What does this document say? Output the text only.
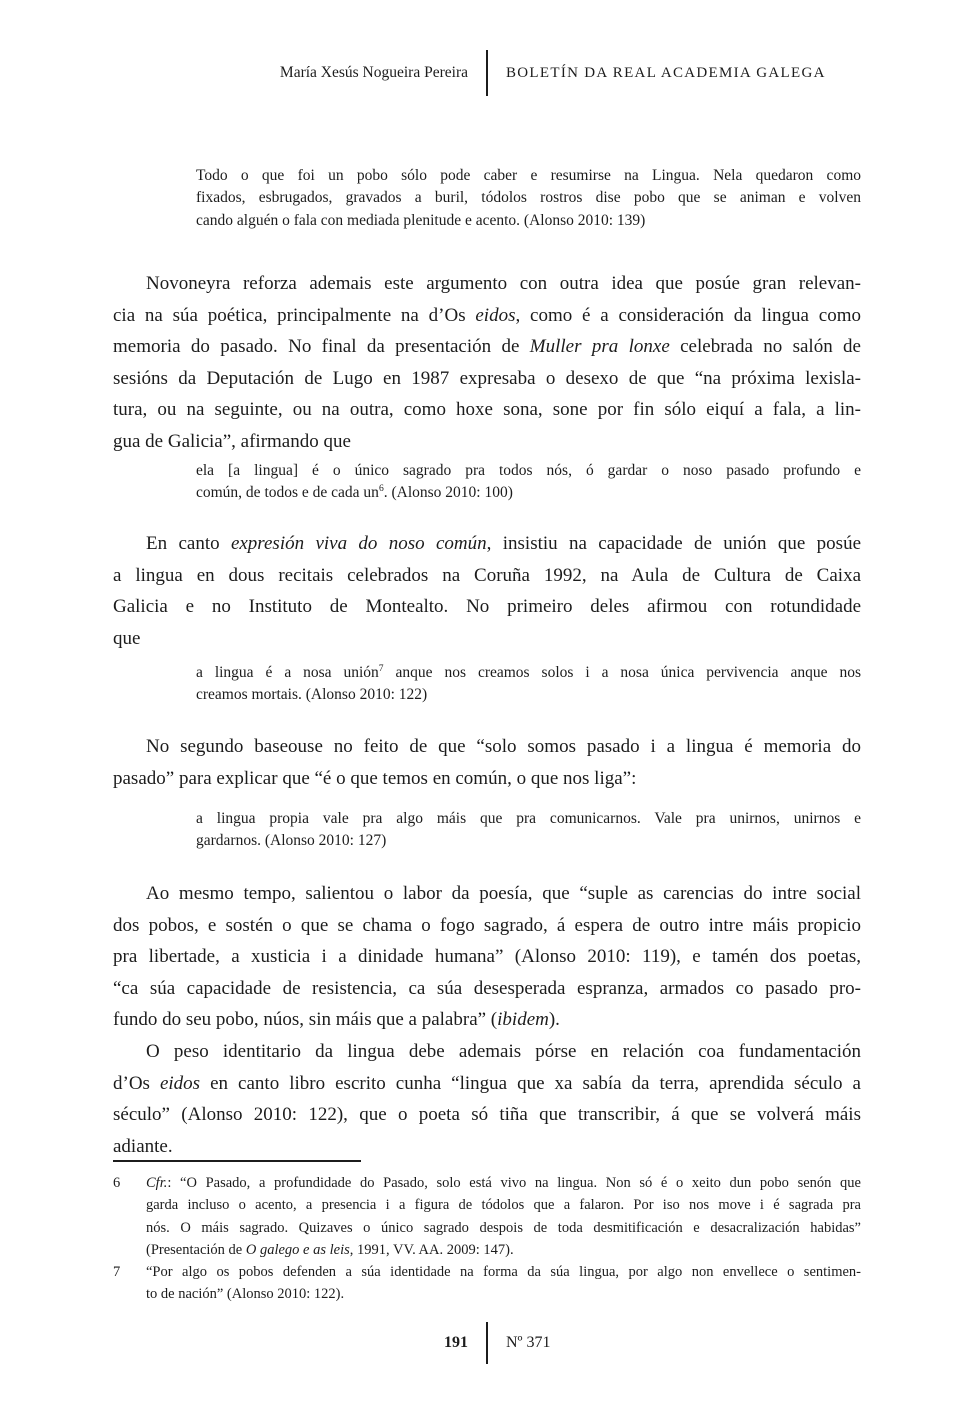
María Xesús Nogueira Pereira	BOLETÍN DA REAL ACADEMIA GALEGA
Todo o que foi un pobo sólo pode caber e resumirse na Lingua. Nela quedaron como
fixados, esbrugados, gravados a buril, tódolos rostros dise pobo que se animan e volven
cando alguén o fala con mediada plenitude e acento. (Alonso 2010: 139)
Novoneyra reforza ademais este argumento con outra idea que posúe gran relevan-
cia na súa poética, principalmente na d’Os eidos, como é a consideración da lingua como
memoria do pasado. No final da presentación de Muller pra lonxe celebrada no salón de
sesións da Deputación de Lugo en 1987 expresaba o desexo de que “na próxima lexisla-
tura, ou na seguinte, ou na outra, como hoxe sona, sone por fin sólo eiquí a fala, a lin-
gua de Galicia”, afirmando que
ela [a lingua] é o único sagrado pra todos nós, ó gardar o noso pasado profundo e
común, de todos e de cada $un^6$. (Alonso 2010: 100)
En canto expresión viva do noso común, insistiu na capacidade de unión que posúe
a lingua en dous recitais celebrados na Coruña 1992, na Aula de Cultura de Caixa
Galicia e no Instituto de Montealto. No primeiro deles afirmou con rotundidade
que
a lingua é a nosa unión$^7$ anque nos creamos solos i a nosa única pervivencia anque nos
creamos mortais. (Alonso 2010: 122)
No segundo baseouse no feito de que “solo somos pasado i a lingua é memoria do
pasado” para explicar que “é o que temos en común, o que nos liga”:
a lingua propia vale pra algo máis que pra comunicarnos. Vale pra unirnos, unirnos e
gardarnos. (Alonso 2010: 127)
Ao mesmo tempo, salientou o labor da poesía, que “suple as carencias do intre social
dos pobos, e sostén o que se chama o fogo sagrado, á espera de outro intre máis propicio
pra libertade, a xusticia i a dinidade humana” (Alonso 2010: 119), e tamén dos poetas,
“ca súa capacidade de resistencia, ca súa desesperada espranza, armados co pasado pro-
fundo do seu pobo, núos, sin máis que a palabra” (ibidem).
O peso identitario da lingua debe ademais pórse en relación coa fundamentación
d’Os eidos en canto libro escrito cunha “lingua que xa sabía da terra, aprendida século a
século” (Alonso 2010: 122), que o poeta só tiña que transcribir, á que se volverá máis
adiante.
6	Cfr.: “O Pasado, a profundidade do Pasado, solo está vivo na lingua. Non só é o xeito dun pobo senón que
garda incluso o acento, a presencia i a figura de tódolos que a falaron. Por iso nos move i é sagrada pra
nós. O máis sagrado. Quizaves o único sagrado despois de toda desmitificación e desacralización habidas”
(Presentación de O galego e as leis, 1991, VV. AA. 2009: 147).
7	“Por algo os pobos defenden a súa identidade na forma da súa lingua, por algo non envellece o sentimen-
to de nación” (Alonso 2010: 122).
191	Nº 371
